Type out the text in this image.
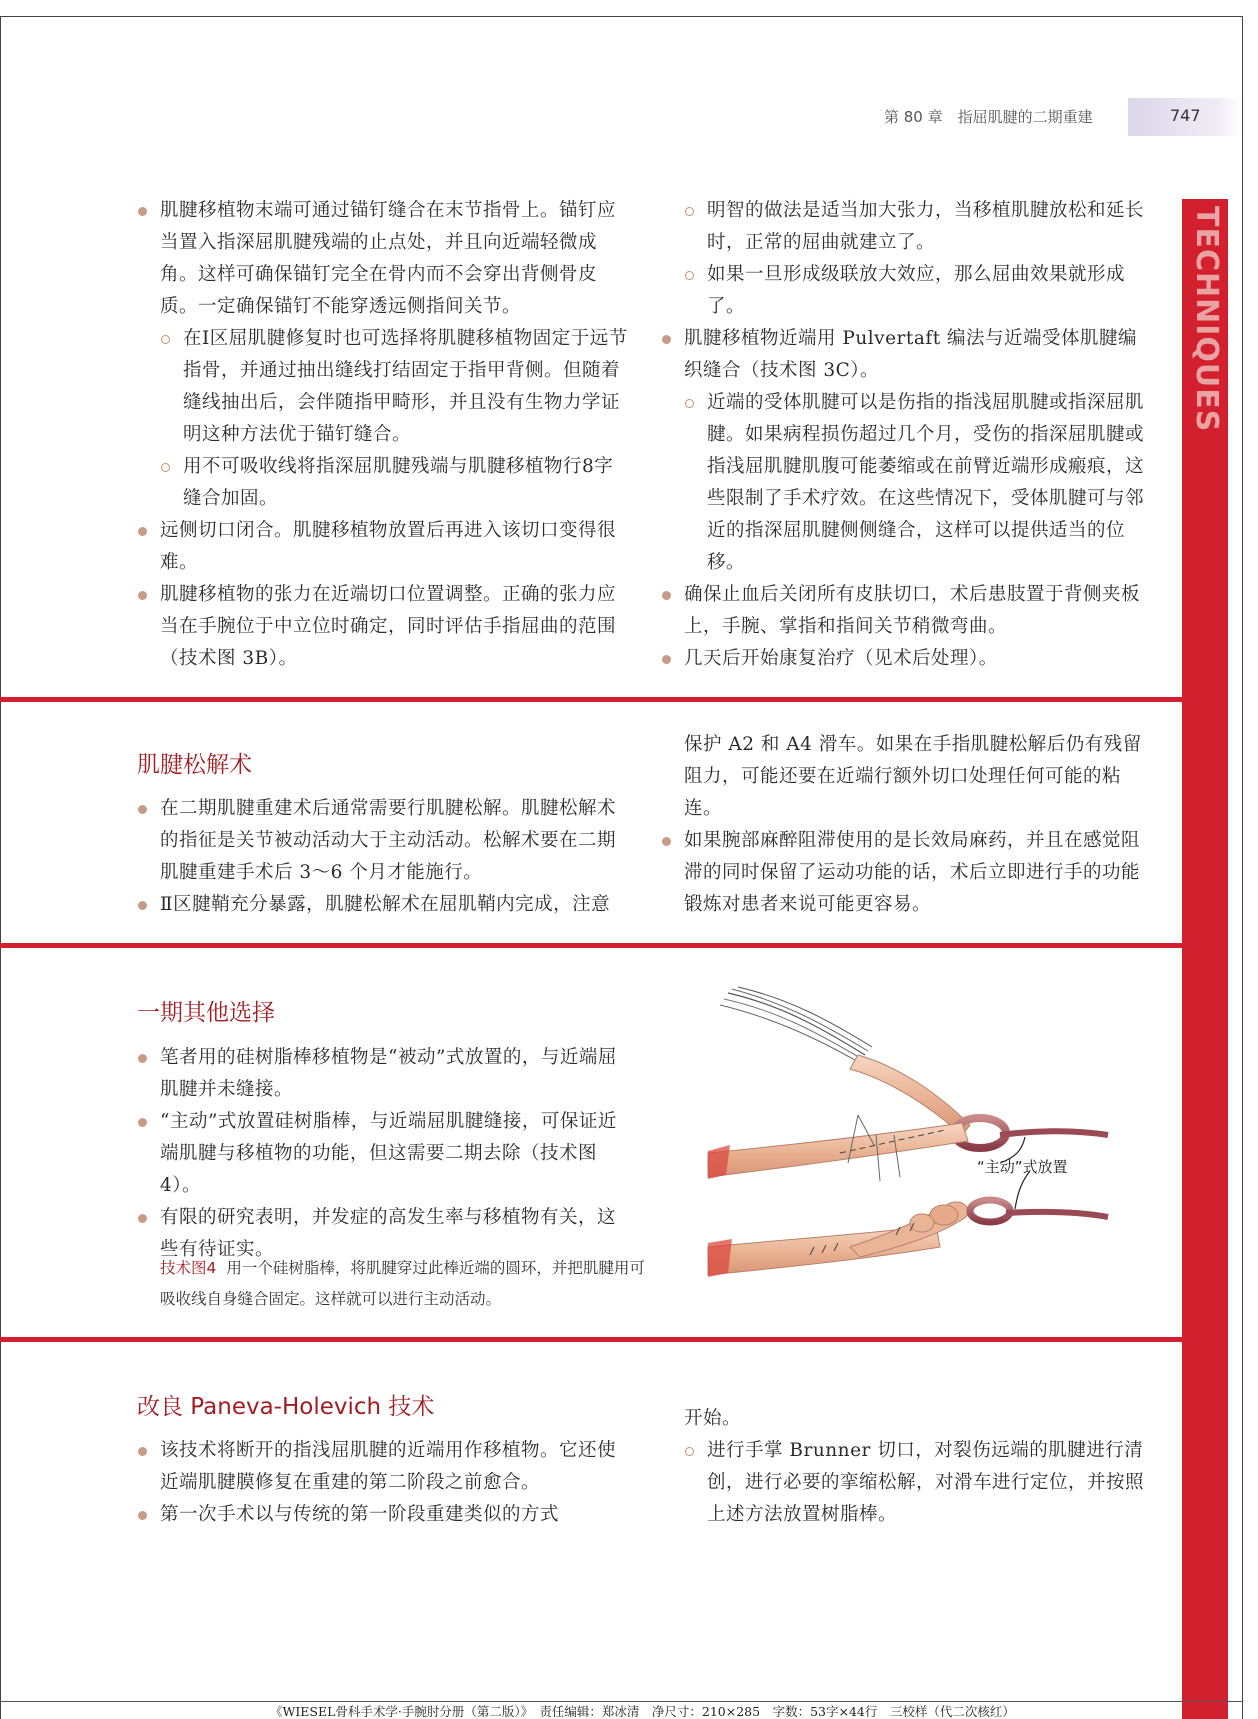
第 80 章　指屈肌腱的二期重建	747
TECHNIQUES
肌腱移植物末端可通过锚钉缝合在末节指骨上。锚钉应当置入指深屈肌腱残端的止点处，并且向近端轻微成角。这样可确保锚钉完全在骨内而不会穿出背侧骨皮质。一定确保锚钉不能穿透远侧指间关节。
在Ⅰ区屈肌腱修复时也可选择将肌腱移植物固定于远节指骨，并通过抽出缝线打结固定于指甲背侧。但随着缝线抽出后，会伴随指甲畸形，并且没有生物力学证明这种方法优于锚钉缝合。
用不可吸收线将指深屈肌腱残端与肌腱移植物行8字缝合加固。
远侧切口闭合。肌腱移植物放置后再进入该切口变得很难。
肌腱移植物的张力在近端切口位置调整。正确的张力应当在手腕位于中立位时确定，同时评估手指屈曲的范围（技术图 3B）。
明智的做法是适当加大张力，当移植肌腱放松和延长时，正常的屈曲就建立了。
如果一旦形成级联放大效应，那么屈曲效果就形成了。
肌腱移植物近端用 Pulvertaft 编法与近端受体肌腱编织缝合（技术图 3C）。
近端的受体肌腱可以是伤指的指浅屈肌腱或指深屈肌腱。如果病程损伤超过几个月，受伤的指深屈肌腱或指浅屈肌腱肌腹可能萎缩或在前臂近端形成瘢痕，这些限制了手术疗效。在这些情况下，受体肌腱可与邻近的指深屈肌腱侧侧缝合，这样可以提供适当的位移。
确保止血后关闭所有皮肤切口，术后患肢置于背侧夹板上，手腕、掌指和指间关节稍微弯曲。
几天后开始康复治疗（见术后处理）。
肌腱松解术
在二期肌腱重建术后通常需要行肌腱松解。肌腱松解术的指征是关节被动活动大于主动活动。松解术要在二期肌腱重建手术后 3～6 个月才能施行。
Ⅱ区腱鞘充分暴露，肌腱松解术在屈肌鞘内完成，注意
保护 A2 和 A4 滑车。如果在手指肌腱松解后仍有残留阻力，可能还要在近端行额外切口处理任何可能的粘连。
如果腕部麻醉阻滞使用的是长效局麻药，并且在感觉阻滞的同时保留了运动功能的话，术后立即进行手的功能锻炼对患者来说可能更容易。
一期其他选择
笔者用的硅树脂棒移植物是“被动”式放置的，与近端屈肌腱并未缝接。
“主动”式放置硅树脂棒，与近端屈肌腱缝接，可保证近端肌腱与移植物的功能，但这需要二期去除（技术图4）。
有限的研究表明，并发症的高发生率与移植物有关，这些有待证实。
技术图4 用一个硅树脂棒，将肌腱穿过此棒近端的圆环，并把肌腱用可吸收线自身缝合固定。这样就可以进行主动活动。
“主动”式放置
改良 Paneva-Holevich 技术
该技术将断开的指浅屈肌腱的近端用作移植物。它还使近端肌腱膜修复在重建的第二阶段之前愈合。
第一次手术以与传统的第一阶段重建类似的方式
开始。
进行手掌 Brunner 切口，对裂伤远端的肌腱进行清创，进行必要的挛缩松解，对滑车进行定位，并按照上述方法放置树脂棒。
《WIESEL骨科手术学·手腕肘分册（第二版）》　责任编辑：郑冰清　净尺寸：210×285　字数：53字×44行　三校样（代二次核红）
